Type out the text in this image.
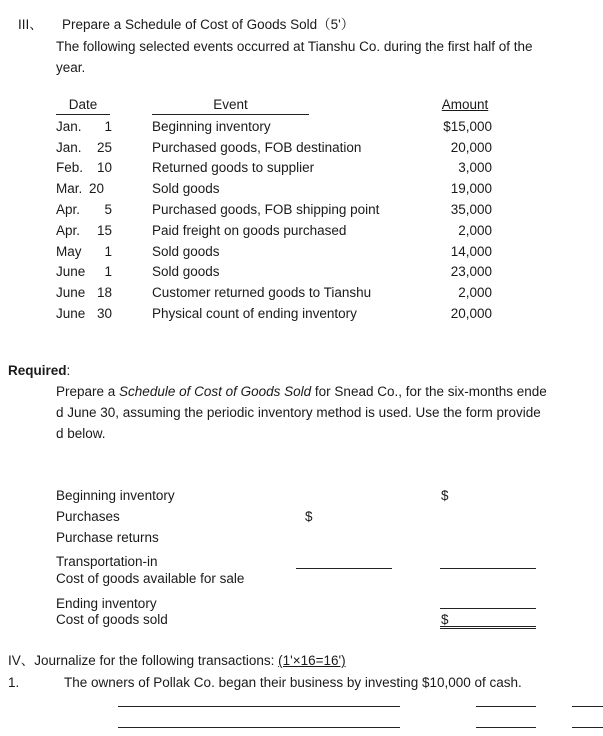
III、 Prepare a Schedule of Cost of Goods Sold（5'）
The following selected events occurred at Tianshu Co. during the first half of the
year.
Date	Event	Amount
Jan.	1	Beginning inventory	$15,000
Jan.	25	Purchased goods, FOB destination	20,000
Feb.	10	Returned goods to supplier	3,000
Mar. 20	Sold goods	19,000
Apr.	5	Purchased goods, FOB shipping point	35,000
Apr.	15	Paid freight on goods purchased	2,000
May	1	Sold goods	14,000
June	1	Sold goods	23,000
June 18	Customer returned goods to Tianshu	2,000
June 30	Physical count of ending inventory	20,000
Required:
Prepare a Schedule of Cost of Goods Sold for Snead Co., for the six-months ende
d June 30, assuming the periodic inventory method is used. Use the form provide
d below.
Beginning inventory	$
Purchases	$
Purchase returns
Transportation-in
Cost of goods available for sale
Ending inventory
Cost of goods sold	$
IV、Journalize for the following transactions: (1'×16=16')
1.	The owners of Pollak Co. began their business by investing $10,000 of cash.
